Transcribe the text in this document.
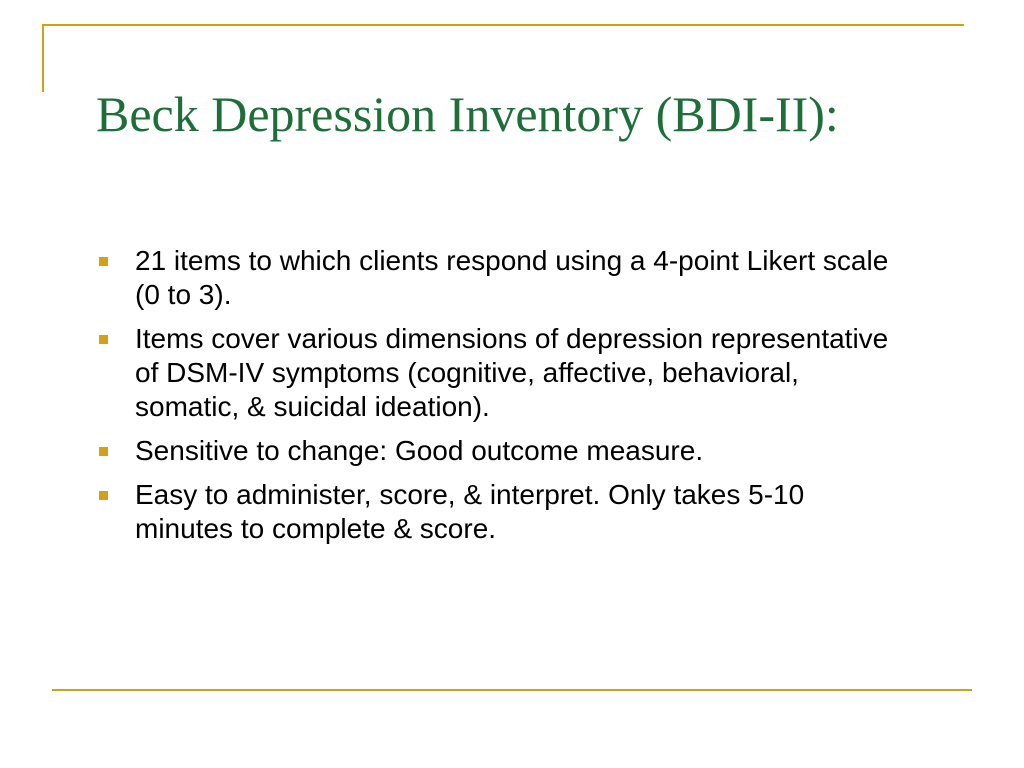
Beck Depression Inventory (BDI-II):
21 items to which clients respond using a 4-point Likert scale (0 to 3).
Items cover various dimensions of depression representative of DSM-IV symptoms (cognitive, affective, behavioral, somatic, & suicidal ideation).
Sensitive to change: Good outcome measure.
Easy to administer, score, & interpret. Only takes 5-10 minutes to complete & score.
